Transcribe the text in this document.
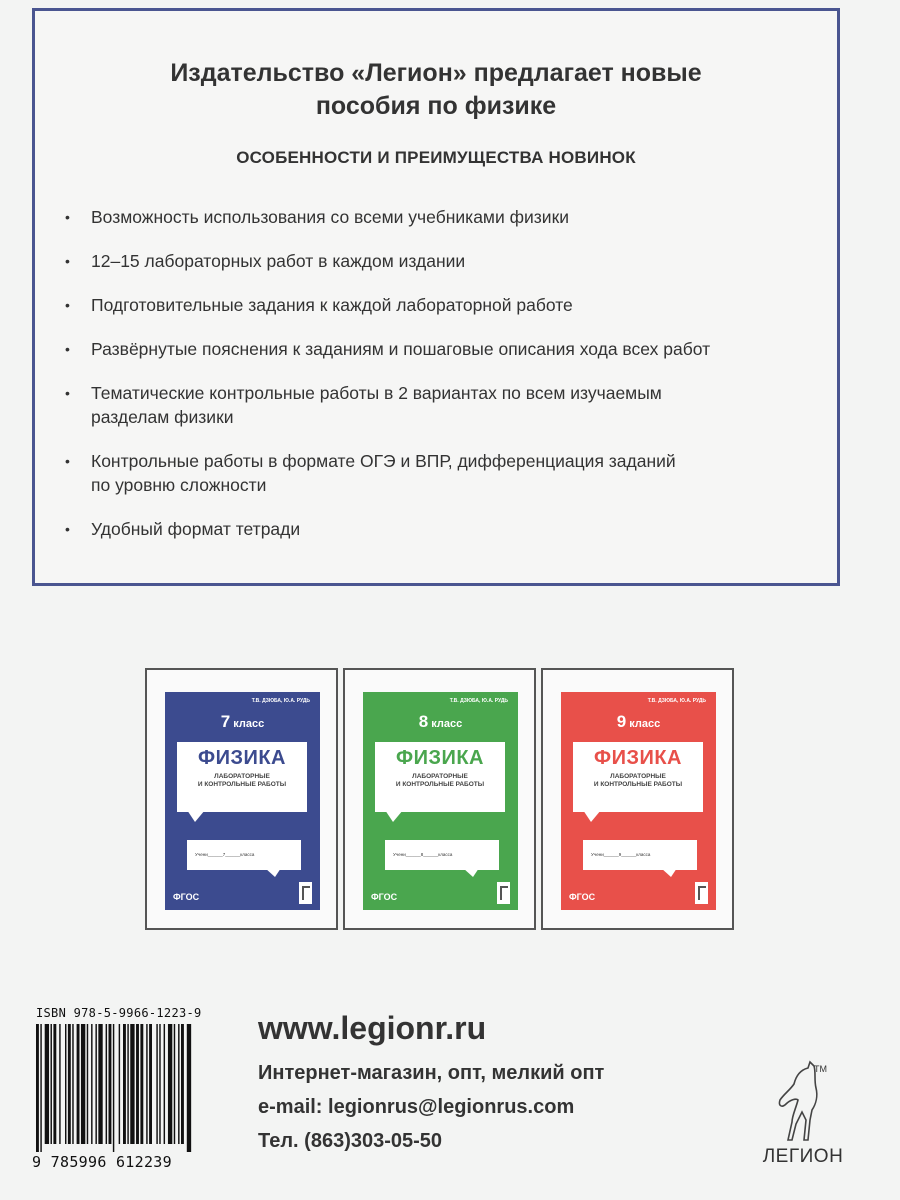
Издательство «Легион» предлагает новые
пособия по физике
ОСОБЕННОСТИ И ПРЕИМУЩЕСТВА НОВИНОК
• Возможность использования со всеми учебниками физики
• 12–15 лабораторных работ в каждом издании
• Подготовительные задания к каждой лабораторной работе
• Развёрнутые пояснения к заданиям и пошаговые описания хода всех работ
• Тематические контрольные работы в 2 вариантах по всем изучаемым
разделам физики
• Контрольные работы в формате ОГЭ и ВПР, дифференциация заданий
по уровню сложности
• Удобный формат тетради
Т.В. ДЗЮБА, Ю.А. РУДЬ
7 класс
ФИЗИКА
ЛАБОРАТОРНЫЕ
И КОНТРОЛЬНЫЕ РАБОТЫ
Учени______7______класса
ФГОС
Т.В. ДЗЮБА, Ю.А. РУДЬ
8 класс
ФИЗИКА
ЛАБОРАТОРНЫЕ
И КОНТРОЛЬНЫЕ РАБОТЫ
Учени______8______класса
ФГОС
Т.В. ДЗЮБА, Ю.А. РУДЬ
9 класс
ФИЗИКА
ЛАБОРАТОРНЫЕ
И КОНТРОЛЬНЫЕ РАБОТЫ
Учени______9______класса
ФГОС
ISBN 978-5-9966-1223-9
9 785996 612239
www.legionr.ru
Интернет-магазин, опт, мелкий опт
e-mail: legionrus@legionrus.com
Тел. (863)303-05-50
TM
ЛЕГИОН
